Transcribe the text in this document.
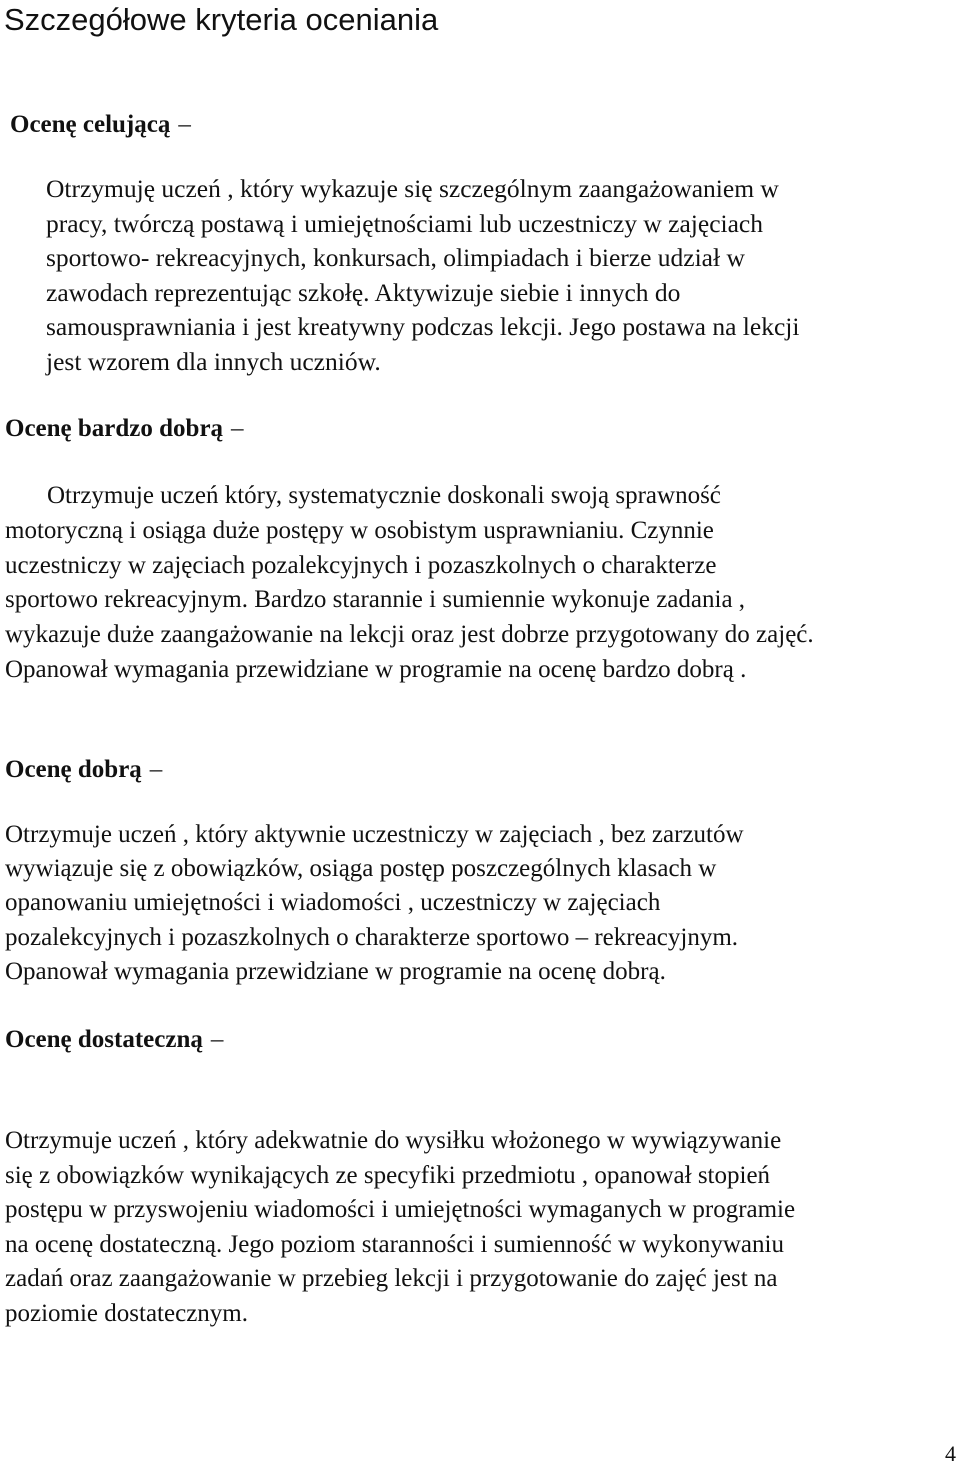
Szczegółowe kryteria oceniania
Ocenę celującą –
Otrzymuję uczeń , który wykazuje się szczególnym zaangażowaniem w
pracy, twórczą postawą i umiejętnościami lub uczestniczy w zajęciach
sportowo- rekreacyjnych, konkursach, olimpiadach i bierze udział w
zawodach reprezentując szkołę. Aktywizuje siebie i innych do
samousprawniania i jest kreatywny podczas lekcji. Jego postawa na lekcji
jest wzorem dla innych uczniów.
Ocenę bardzo dobrą –
Otrzymuje uczeń który, systematycznie doskonali swoją sprawność
motoryczną i osiąga duże postępy w osobistym usprawnianiu. Czynnie
uczestniczy w zajęciach pozalekcyjnych i pozaszkolnych o charakterze
sportowo rekreacyjnym. Bardzo starannie i sumiennie wykonuje zadania ,
wykazuje duże zaangażowanie na lekcji oraz jest dobrze przygotowany do zajęć.
Opanował wymagania przewidziane w programie na ocenę bardzo dobrą .
Ocenę dobrą –
Otrzymuje uczeń , który aktywnie uczestniczy w zajęciach , bez zarzutów
wywiązuje się z obowiązków, osiąga postęp poszczególnych klasach w
opanowaniu umiejętności i wiadomości , uczestniczy w zajęciach
pozalekcyjnych i pozaszkolnych o charakterze sportowo – rekreacyjnym.
Opanował wymagania przewidziane w programie na ocenę dobrą.
Ocenę dostateczną –
Otrzymuje uczeń , który adekwatnie do wysiłku włożonego w wywiązywanie
się z obowiązków wynikających ze specyfiki przedmiotu , opanował stopień
postępu w przyswojeniu wiadomości i umiejętności wymaganych w programie
na ocenę dostateczną. Jego poziom staranności i sumienność w wykonywaniu
zadań oraz zaangażowanie w przebieg lekcji i przygotowanie do zajęć jest na
poziomie dostatecznym.
4
